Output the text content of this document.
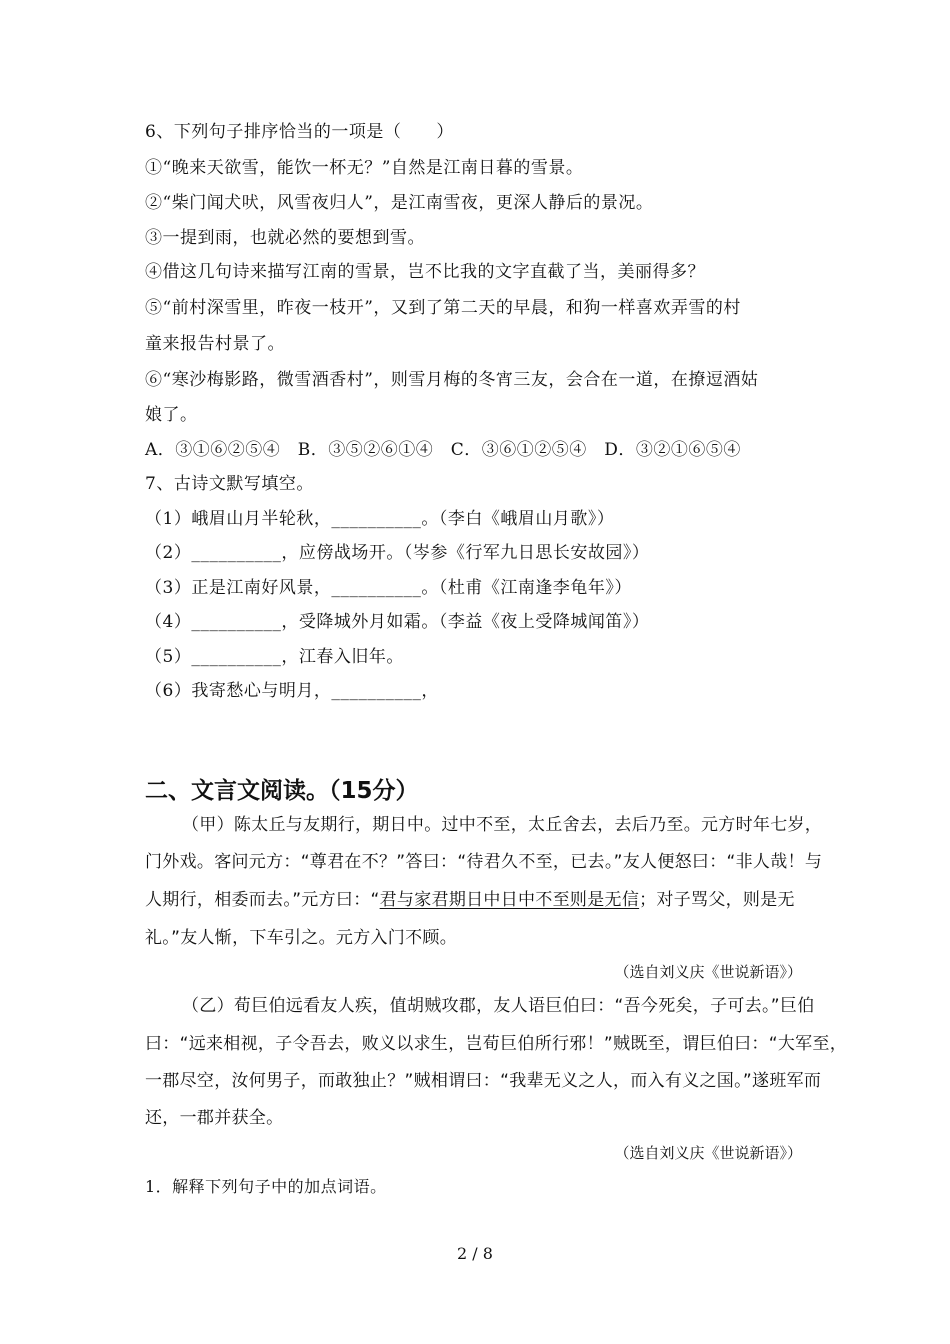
6、下列句子排序恰当的一项是（　　）
①“晚来天欲雪，能饮一杯无？”自然是江南日暮的雪景。
②“柴门闻犬吠，风雪夜归人”，是江南雪夜，更深人静后的景况。
③一提到雨，也就必然的要想到雪。
④借这几句诗来描写江南的雪景，岂不比我的文字直截了当，美丽得多？
⑤“前村深雪里，昨夜一枝开”，又到了第二天的早晨，和狗一样喜欢弄雪的村
童来报告村景了。
⑥“寒沙梅影路，微雪酒香村”，则雪月梅的冬宵三友，会合在一道，在撩逗酒姑
娘了。
A．③①⑥②⑤④　B．③⑤②⑥①④　C．③⑥①②⑤④　D．③②①⑥⑤④
7、古诗文默写填空。
（1）峨眉山月半轮秋，__________。（李白《峨眉山月歌》）
（2）__________，应傍战场开。（岑参《行军九日思长安故园》）
（3）正是江南好风景，__________。（杜甫《江南逢李龟年》）
（4）__________，受降城外月如霜。（李益《夜上受降城闻笛》）
（5）__________，江春入旧年。
（6）我寄愁心与明月，__________，
二、文言文阅读。（15分）
（甲）陈太丘与友期行，期日中。过中不至，太丘舍去，去后乃至。元方时年七岁，
门外戏。客问元方：“尊君在不？”答曰：“待君久不至，已去。”友人便怒曰：“非人哉！与
人期行，相委而去。”元方曰：“君与家君期日中日中不至则是无信；对子骂父，则是无
礼。”友人惭，下车引之。元方入门不顾。
（选自刘义庆《世说新语》）
（乙）荀巨伯远看友人疾，值胡贼攻郡，友人语巨伯曰：“吾今死矣，子可去。”巨伯
曰：“远来相视，子令吾去，败义以求生，岂荀巨伯所行邪！”贼既至，谓巨伯曰：“大军至，
一郡尽空，汝何男子，而敢独止？”贼相谓曰：“我辈无义之人，而入有义之国。”遂班军而
还，一郡并获全。
（选自刘义庆《世说新语》）
1．解释下列句子中的加点词语。
2 / 8
